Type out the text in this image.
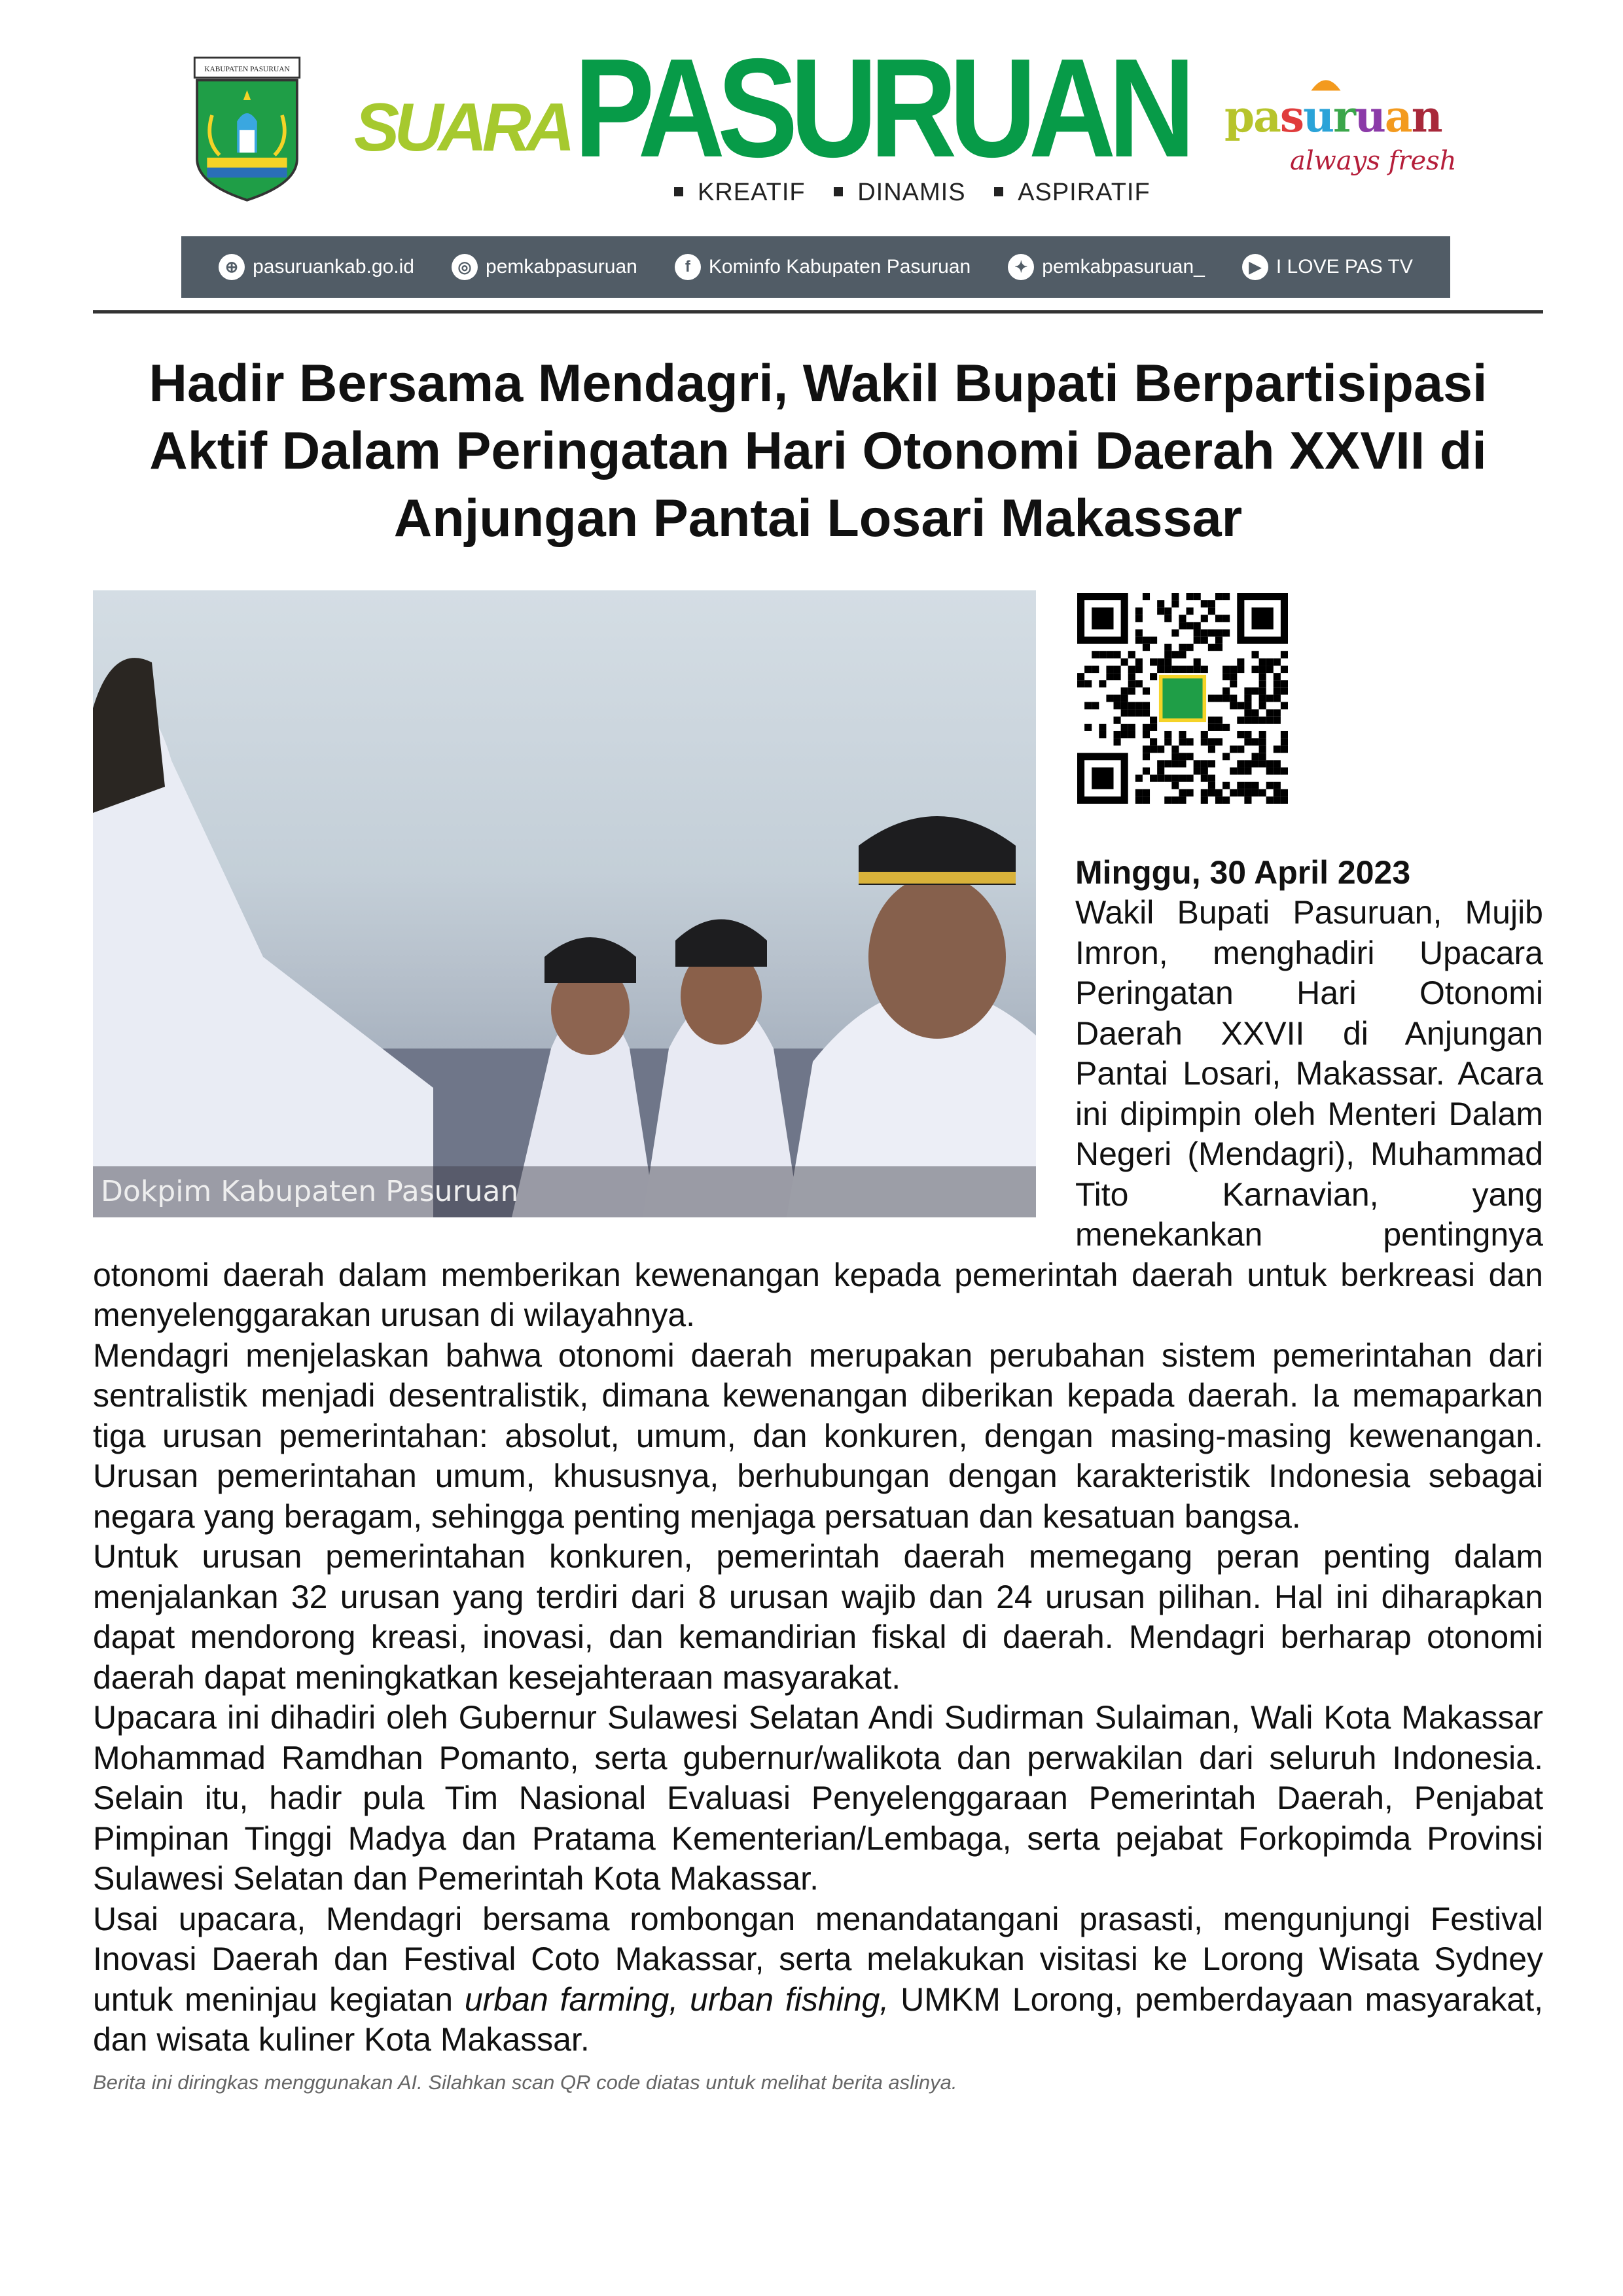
KABUPATEN PASURUAN
SUARA PASURUAN
KREATIF DINAMIS ASPIRATIF
pasuruan
always fresh
⊕ pasuruankab.go.id	◎ pemkabpasuruan	f Kominfo Kabupaten Pasuruan	✦ pemkabpasuruan_	▶ I LOVE PAS TV
Hadir Bersama Mendagri, Wakil Bupati Berpartisipasi Aktif Dalam Peringatan Hari Otonomi Daerah XXVII di Anjungan Pantai Losari Makassar
Dokpim Kabupaten Pasuruan

Minggu, 30 April 2023

Wakil Bupati Pasuruan, Mujib Imron, menghadiri Upacara Peringatan Hari Otonomi Daerah XXVII di Anjungan Pantai Losari, Makassar. Acara ini dipimpin oleh Menteri Dalam Negeri (Mendagri), Muhammad Tito Karnavian, yang menekankan pentingnya otonomi daerah dalam memberikan kewenangan kepada pemerintah daerah untuk berkreasi dan menyelenggarakan urusan di wilayahnya.

Mendagri menjelaskan bahwa otonomi daerah merupakan perubahan sistem pemerintahan dari sentralistik menjadi desentralistik, dimana kewenangan diberikan kepada daerah. Ia memaparkan tiga urusan pemerintahan: absolut, umum, dan konkuren, dengan masing-masing kewenangan. Urusan pemerintahan umum, khususnya, berhubungan dengan karakteristik Indonesia sebagai negara yang beragam, sehingga penting menjaga persatuan dan kesatuan bangsa.

Untuk urusan pemerintahan konkuren, pemerintah daerah memegang peran penting dalam menjalankan 32 urusan yang terdiri dari 8 urusan wajib dan 24 urusan pilihan. Hal ini diharapkan dapat mendorong kreasi, inovasi, dan kemandirian fiskal di daerah. Mendagri berharap otonomi daerah dapat meningkatkan kesejahteraan masyarakat.

Upacara ini dihadiri oleh Gubernur Sulawesi Selatan Andi Sudirman Sulaiman, Wali Kota Makassar Mohammad Ramdhan Pomanto, serta gubernur/walikota dan perwakilan dari seluruh Indonesia. Selain itu, hadir pula Tim Nasional Evaluasi Penyelenggaraan Pemerintah Daerah, Penjabat Pimpinan Tinggi Madya dan Pratama Kementerian/Lembaga, serta pejabat Forkopimda Provinsi Sulawesi Selatan dan Pemerintah Kota Makassar.

Usai upacara, Mendagri bersama rombongan menandatangani prasasti, mengunjungi Festival Inovasi Daerah dan Festival Coto Makassar, serta melakukan visitasi ke Lorong Wisata Sydney untuk meninjau kegiatan urban farming, urban fishing, UMKM Lorong, pemberdayaan masyarakat, dan wisata kuliner Kota Makassar.

Berita ini diringkas menggunakan AI. Silahkan scan QR code diatas untuk melihat berita aslinya.
